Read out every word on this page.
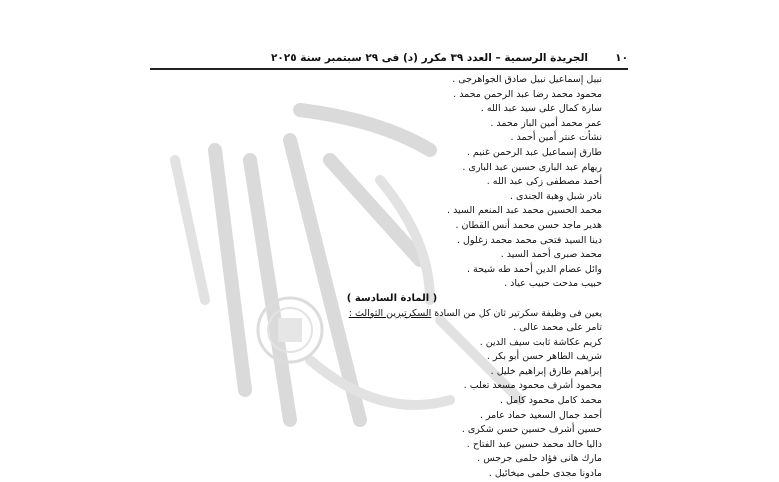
١٠
الجريدة الرسمية – العدد ٣٩ مكرر (د) فى ٢٩ سبتمبر سنة ٢٠٢٥
نبيل إسماعيل نبيل صادق الجواهرجى .
محمود محمد رضا عبد الرحمن محمد .
سارة كمال على سيد عبد الله .
عمر محمد أمين الباز محمد .
نشأت عنتر أمين أحمد .
طارق إسماعيل عبد الرحمن غنيم .
ريهام عبد البارى حسين عبد البارى .
أحمد مصطفى زكى عبد الله .
نادر شبل وهبة الجندى .
محمد الحسين محمد عبد المنعم السيد .
هدير ماجد حسن محمد أنس القطان .
دينا السيد فتحى محمد محمد زغلول .
محمد صبرى أحمد السيد .
وائل عصام الدين أحمد طه شيحة .
حبيب مدحت حبيب عياد .
( المادة السادسة )
يعين فى وظيفة سكرتير ثان كل من السادة السكرتيرين الثوالث :
تامر على محمد عالى .
كريم عكاشة ثابت سيف الدين .
شريف الطاهر حسن أبو بكر .
إبراهيم طارق إبراهيم خليل .
محمود أشرف محمود مسعد تعلب .
محمد كامل محمود كامل .
أحمد جمال السعيد حماد عامر .
حسين أشرف حسين حسن شكرى .
داليا خالد محمد حسين عبد الفتاح .
مارك هانى فؤاد حلمى جرجس .
مادونا مجدى حلمى ميخائيل .
